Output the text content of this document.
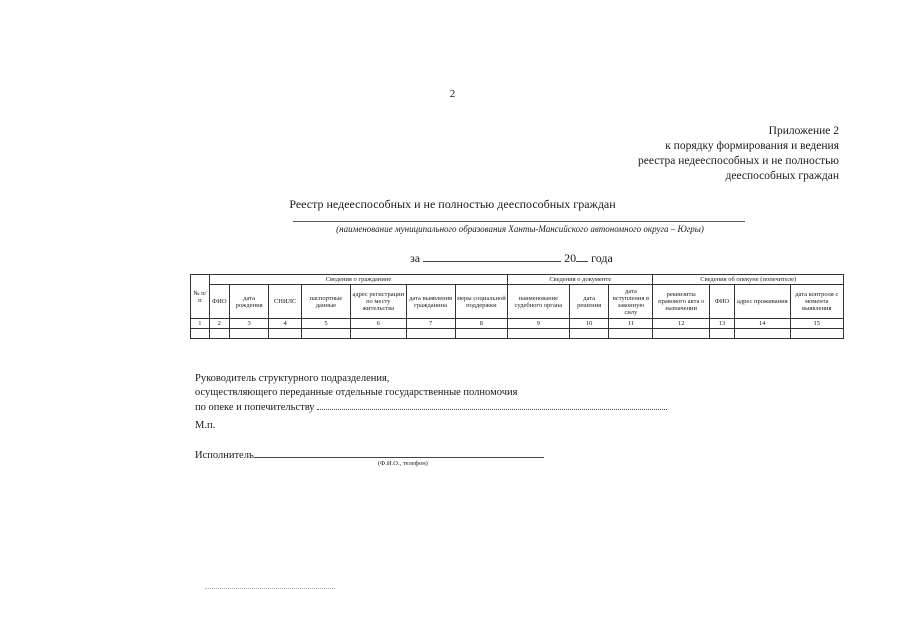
2
Приложение 2
к порядку формирования и ведения
реестра недееспособных и не полностью
дееспособных граждан
Реестр недееспособных и не полностью дееспособных граждан
(наименование муниципального образования Ханты-Мансийского автономного округа – Югры)
за	20 года
№ п/п	Сведения о гражданине							Сведения о документе			Сведения об опекуне (попечителе)			
	ФИО	дата рождения	СНИЛС	паспортные данные	адрес регистрации по месту жительства	дата выявления гражданина	меры социальной поддержки	наименование судебного органа	дата решения	дата вступления в законную силу	реквизиты правового акта о назначении	ФИО	адрес проживания	дата контроля с момента выявления
1	2	3	4	5	6	7	8	9	10	11	12	13	14	15

Руководитель структурного подразделения,
осуществляющего переданные отдельные государственные полномочия
по опеке и попечительству
М.п.
Исполнитель
(Ф.И.О., телефон)
